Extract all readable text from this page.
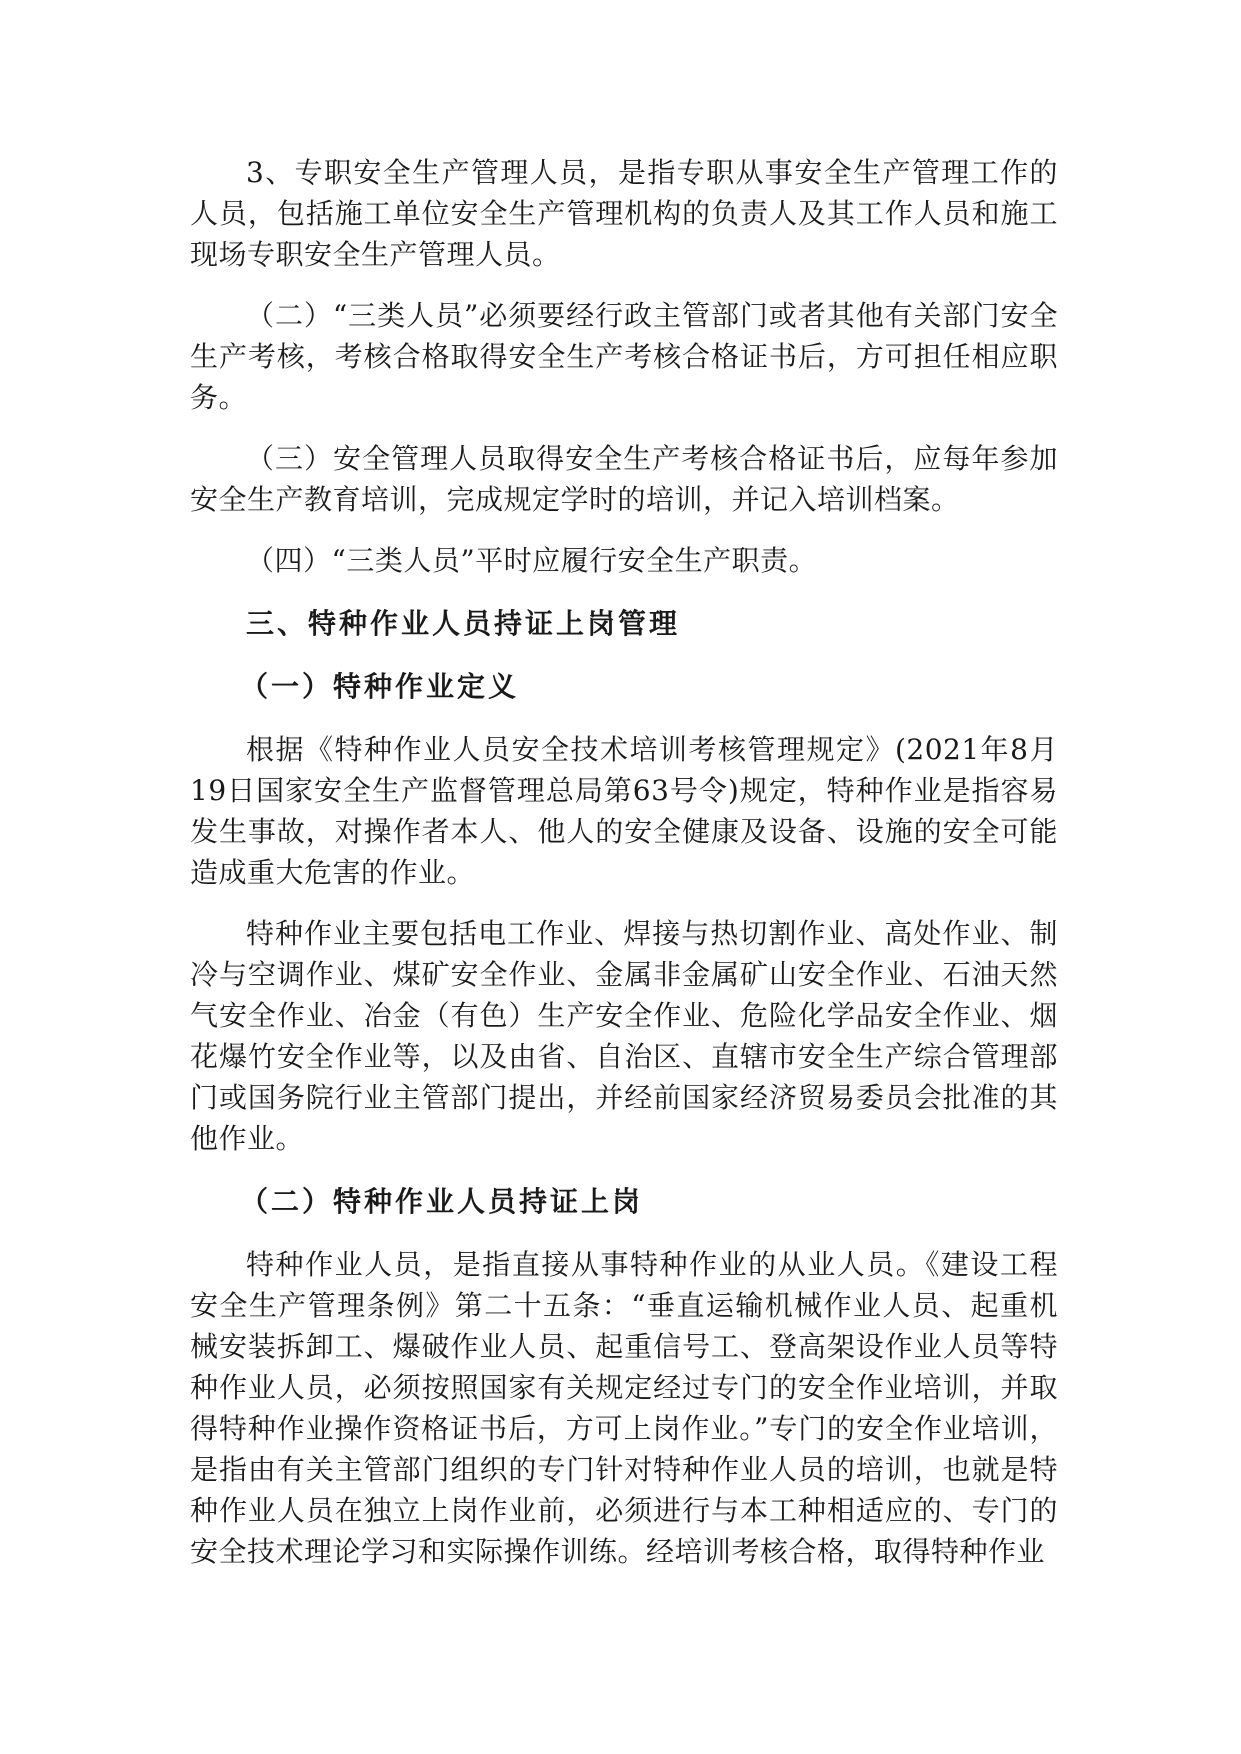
3、专职安全生产管理人员，是指专职从事安全生产管理工作的人员，包括施工单位安全生产管理机构的负责人及其工作人员和施工现场专职安全生产管理人员。

（二）“三类人员”必须要经行政主管部门或者其他有关部门安全生产考核，考核合格取得安全生产考核合格证书后，方可担任相应职务。

（三）安全管理人员取得安全生产考核合格证书后，应每年参加安全生产教育培训，完成规定学时的培训，并记入培训档案。

（四）“三类人员”平时应履行安全生产职责。

三、特种作业人员持证上岗管理
（一）特种作业定义

根据《特种作业人员安全技术培训考核管理规定》(2021年8月19日国家安全生产监督管理总局第63号令)规定，特种作业是指容易发生事故，对操作者本人、他人的安全健康及设备、设施的安全可能造成重大危害的作业。

特种作业主要包括电工作业、焊接与热切割作业、高处作业、制冷与空调作业、煤矿安全作业、金属非金属矿山安全作业、石油天然气安全作业、冶金（有色）生产安全作业、危险化学品安全作业、烟花爆竹安全作业等，以及由省、自治区、直辖市安全生产综合管理部门或国务院行业主管部门提出，并经前国家经济贸易委员会批准的其他作业。

（二）特种作业人员持证上岗

特种作业人员，是指直接从事特种作业的从业人员。《建设工程安全生产管理条例》第二十五条：“垂直运输机械作业人员、起重机械安装拆卸工、爆破作业人员、起重信号工、登高架设作业人员等特种作业人员，必须按照国家有关规定经过专门的安全作业培训，并取得特种作业操作资格证书后，方可上岗作业。”专门的安全作业培训，是指由有关主管部门组织的专门针对特种作业人员的培训，也就是特种作业人员在独立上岗作业前，必须进行与本工种相适应的、专门的安全技术理论学习和实际操作训练。经培训考核合格，取得特种作业
